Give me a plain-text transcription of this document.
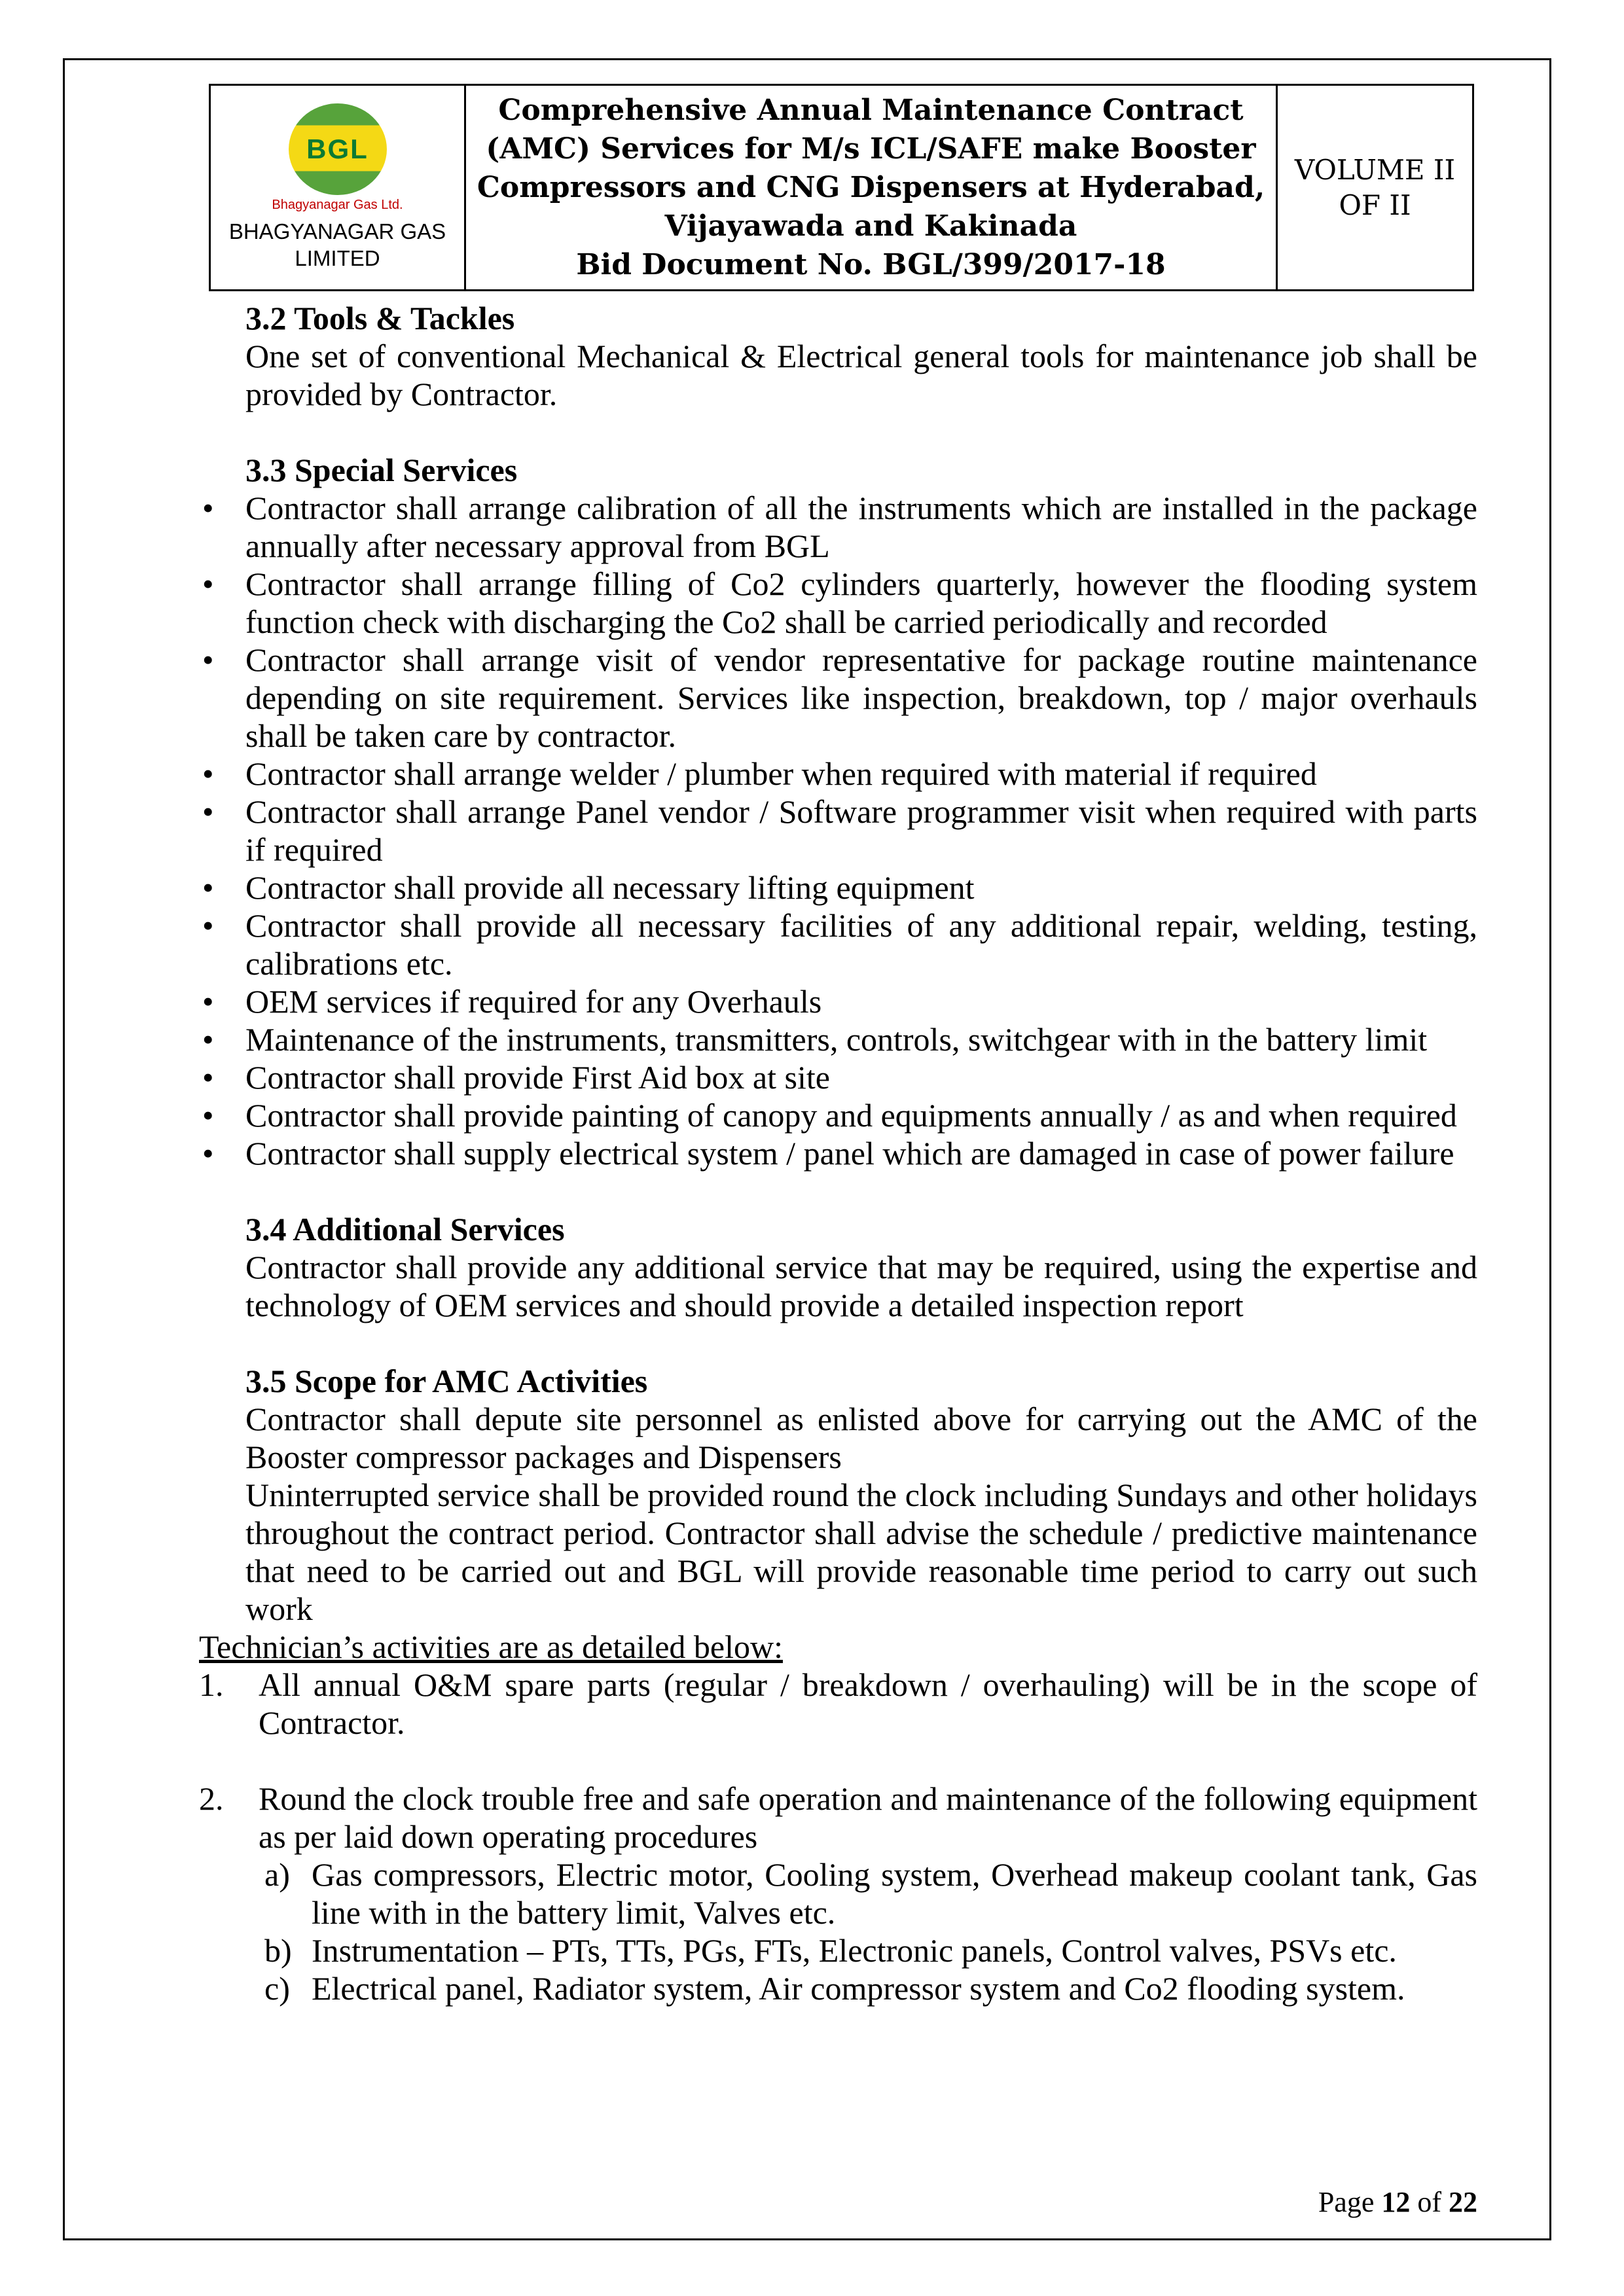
BGL
Bhagyanagar Gas Ltd.
BHAGYANAGAR GAS
LIMITED

Comprehensive Annual Maintenance Contract
(AMC) Services for M/s ICL/SAFE make Booster
Compressors and CNG Dispensers at Hyderabad,
Vijayawada and Kakinada
Bid Document No. BGL/399/2017-18

VOLUME II
OF II
3.2 Tools & Tackles

One set of conventional Mechanical & Electrical general tools for maintenance job shall be provided by Contractor.

3.3 Special Services
• Contractor shall arrange calibration of all the instruments which are installed in the package annually after necessary approval from BGL
• Contractor shall arrange filling of Co2 cylinders quarterly, however the flooding system function check with discharging the Co2 shall be carried periodically and recorded
• Contractor shall arrange visit of vendor representative for package routine maintenance depending on site requirement. Services like inspection, breakdown, top / major overhauls shall be taken care by contractor.
• Contractor shall arrange welder / plumber when required with material if required
• Contractor shall arrange Panel vendor / Software programmer visit when required with parts if required
• Contractor shall provide all necessary lifting equipment
• Contractor shall provide all necessary facilities of any additional repair, welding, testing, calibrations etc.
• OEM services if required for any Overhauls
• Maintenance of the instruments, transmitters, controls, switchgear with in the battery limit
• Contractor shall provide First Aid box at site
• Contractor shall provide painting of canopy and equipments annually / as and when required
• Contractor shall supply electrical system / panel which are damaged in case of power failure
3.4 Additional Services

Contractor shall provide any additional service that may be required, using the expertise and technology of OEM services and should provide a detailed inspection report

3.5 Scope for AMC Activities

Contractor shall depute site personnel as enlisted above for carrying out the AMC of the Booster compressor packages and Dispensers

Uninterrupted service shall be provided round the clock including Sundays and other holidays throughout the contract period. Contractor shall advise the schedule / predictive maintenance that need to be carried out and BGL will provide reasonable time period to carry out such work

Technician’s activities are as detailed below:
1. All annual O&M spare parts (regular / breakdown / overhauling) will be in the scope of Contractor.
2. Round the clock trouble free and safe operation and maintenance of the following equipment as per laid down operating procedures
a) Gas compressors, Electric motor, Cooling system, Overhead makeup coolant tank, Gas line with in the battery limit, Valves etc.
b) Instrumentation – PTs, TTs, PGs, FTs, Electronic panels, Control valves, PSVs etc.
c) Electrical panel, Radiator system, Air compressor system and Co2 flooding system.
Page 12 of 22
